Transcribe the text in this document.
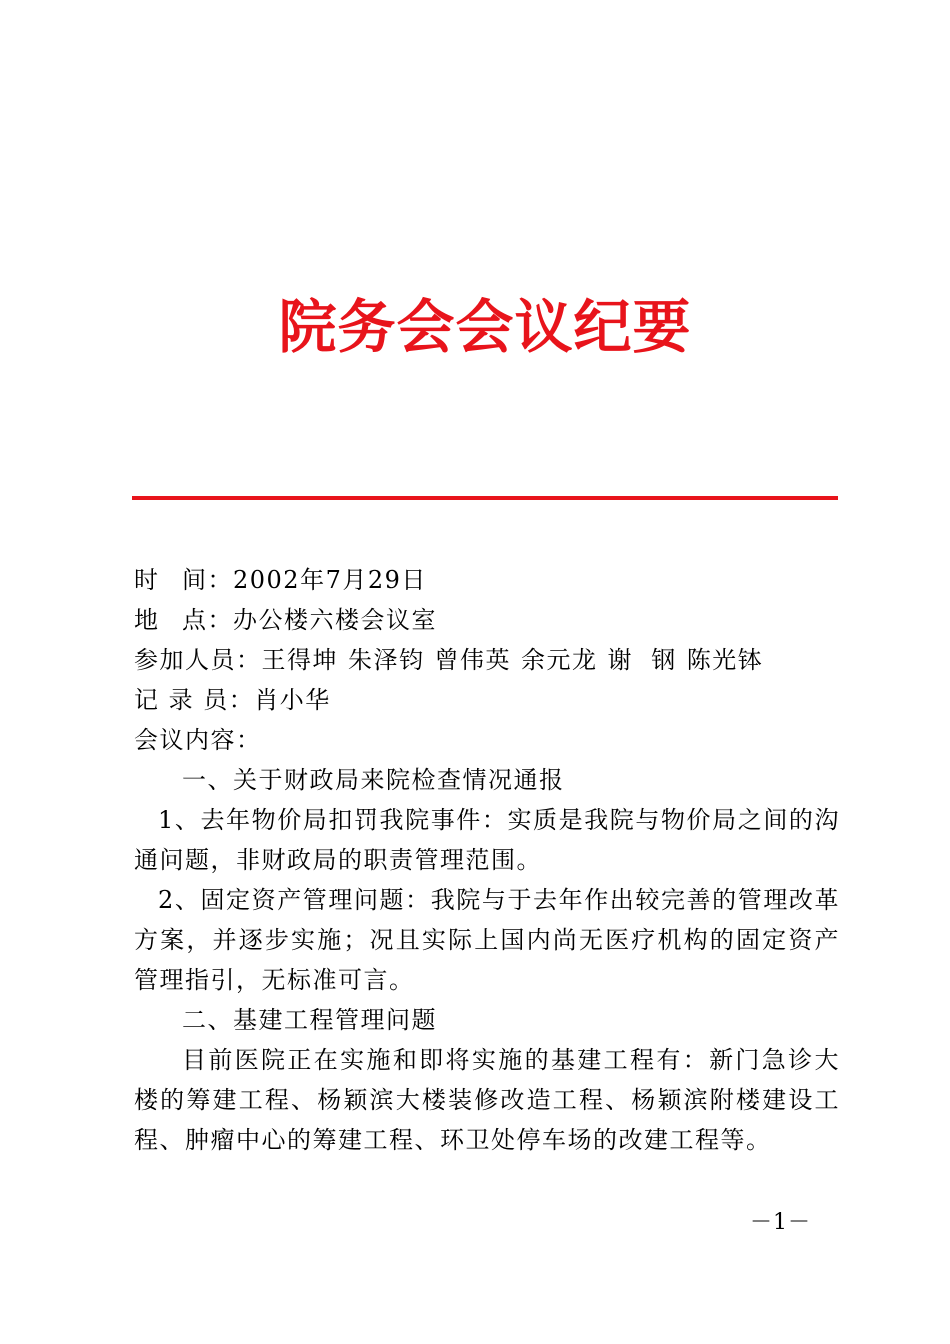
院务会会议纪要
时 间：2002年7月29日
地 点：办公楼六楼会议室
参加人员：王得坤 朱泽钧 曾伟英 余元龙 谢  钢 陈光钵
记 录 员：肖小华
会议内容：
一、关于财政局来院检查情况通报
1、去年物价局扣罚我院事件：实质是我院与物价局之间的沟通问题，非财政局的职责管理范围。
2、固定资产管理问题：我院与于去年作出较完善的管理改革方案，并逐步实施；况且实际上国内尚无医疗机构的固定资产管理指引，无标准可言。
二、基建工程管理问题
目前医院正在实施和即将实施的基建工程有：新门急诊大楼的筹建工程、杨颖滨大楼装修改造工程、杨颖滨附楼建设工程、肿瘤中心的筹建工程、环卫处停车场的改建工程等。
－1－
